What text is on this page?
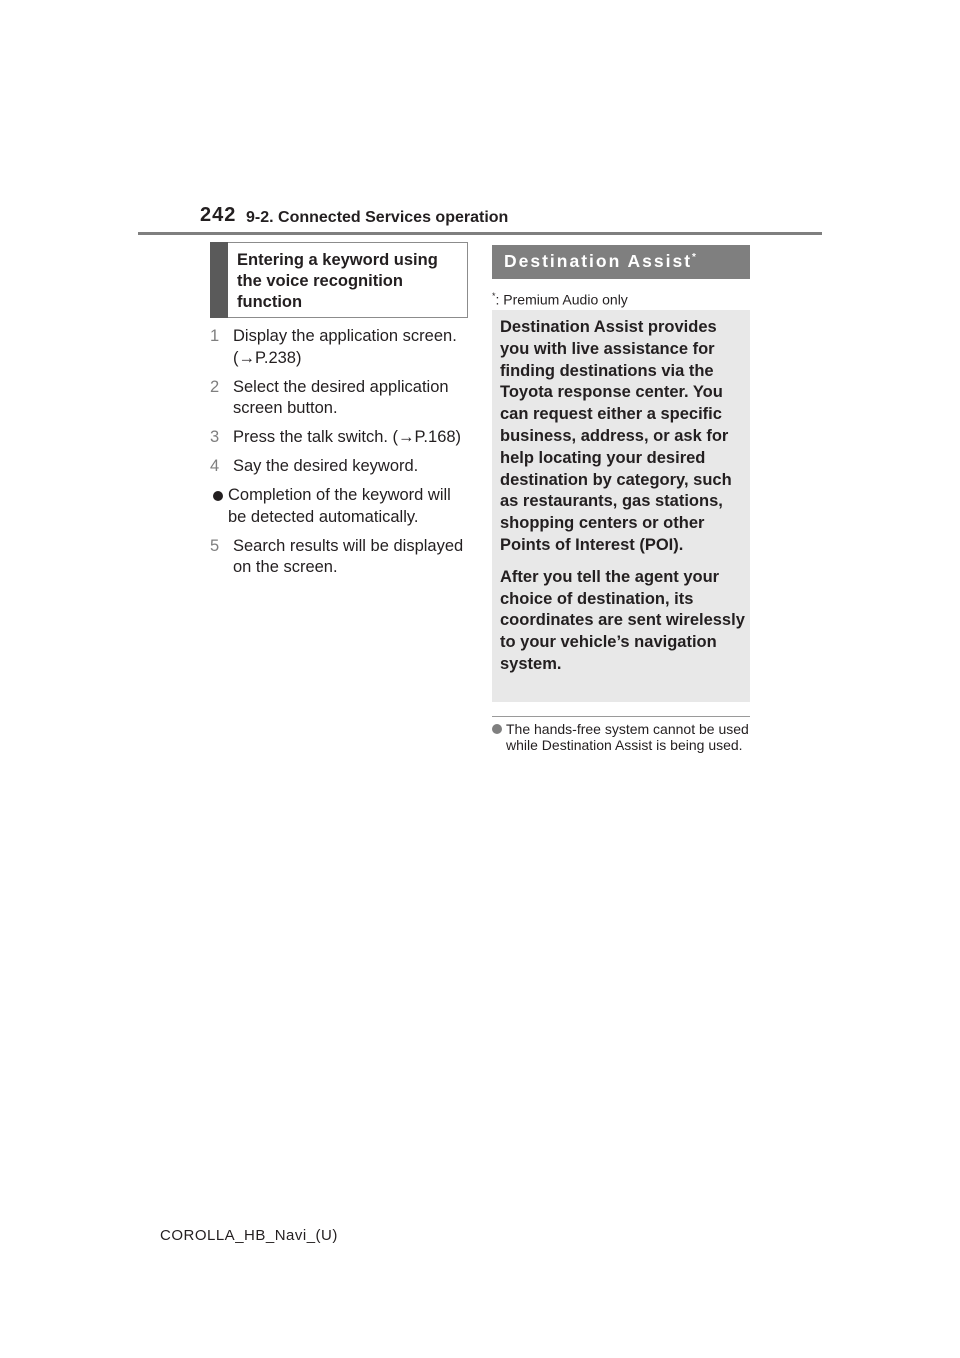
242 9-2. Connected Services operation
Entering a keyword using the voice recognition function
1 Display the application screen. (→P.238)
2 Select the desired application screen button.
3 Press the talk switch. (→P.168)
4 Say the desired keyword.
Completion of the keyword will be detected automatically.
5 Search results will be displayed on the screen.
Destination Assist*
*: Premium Audio only

Destination Assist provides you with live assistance for finding destinations via the Toyota response center. You can request either a specific business, address, or ask for help locating your desired destination by category, such as restaurants, gas stations, shopping centers or other Points of Interest (POI).

After you tell the agent your choice of destination, its coordinates are sent wirelessly to your vehicle’s navigation system.

The hands-free system cannot be used while Destination Assist is being used.
COROLLA_HB_Navi_(U)
